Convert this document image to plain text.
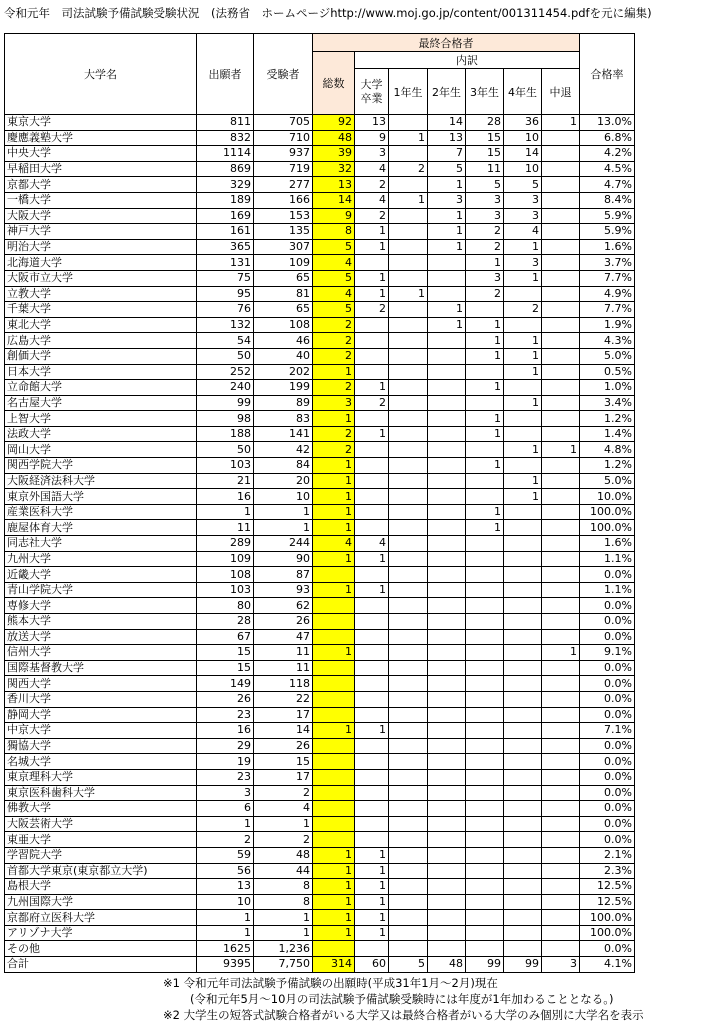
令和元年　司法試験予備試験受験状況　(法務省　ホームページhttp://www.moj.go.jp/content/001311454.pdfを元に編集)
大学名	出願者	受験者	最終合格者							合格率
			総数	内訳						
				大学卒業	1年生	2年生	3年生	4年生	中退	
東京大学	811	705	92	13		14	28	36	1	13.0%
慶應義塾大学	832	710	48	9	1	13	15	10		6.8%
中央大学	1114	937	39	3		7	15	14		4.2%
早稲田大学	869	719	32	4	2	5	11	10		4.5%
京都大学	329	277	13	2		1	5	5		4.7%
一橋大学	189	166	14	4	1	3	3	3		8.4%
大阪大学	169	153	9	2		1	3	3		5.9%
神戸大学	161	135	8	1		1	2	4		5.9%
明治大学	365	307	5	1		1	2	1		1.6%
北海道大学	131	109	4				1	3		3.7%
大阪市立大学	75	65	5	1			3	1		7.7%
立教大学	95	81	4	1	1		2			4.9%
千葉大学	76	65	5	2		1		2		7.7%
東北大学	132	108	2			1	1			1.9%
広島大学	54	46	2				1	1		4.3%
創価大学	50	40	2				1	1		5.0%
日本大学	252	202	1					1		0.5%
立命館大学	240	199	2	1			1			1.0%
名古屋大学	99	89	3	2				1		3.4%
上智大学	98	83	1				1			1.2%
法政大学	188	141	2	1			1			1.4%
岡山大学	50	42	2					1	1	4.8%
関西学院大学	103	84	1				1			1.2%
大阪経済法科大学	21	20	1					1		5.0%
東京外国語大学	16	10	1					1		10.0%
産業医科大学	1	1	1				1			100.0%
鹿屋体育大学	11	1	1				1			100.0%
同志社大学	289	244	4	4						1.6%
九州大学	109	90	1	1						1.1%
近畿大学	108	87								0.0%
青山学院大学	103	93	1	1						1.1%
専修大学	80	62								0.0%
熊本大学	28	26								0.0%
放送大学	67	47								0.0%
信州大学	15	11	1						1	9.1%
国際基督教大学	15	11								0.0%
関西大学	149	118								0.0%
香川大学	26	22								0.0%
静岡大学	23	17								0.0%
中京大学	16	14	1	1						7.1%
獨協大学	29	26								0.0%
名城大学	19	15								0.0%
東京理科大学	23	17								0.0%
東京医科歯科大学	3	2								0.0%
佛教大学	6	4								0.0%
大阪芸術大学	1	1								0.0%
東亜大学	2	2								0.0%
学習院大学	59	48	1	1						2.1%
首都大学東京(東京都立大学)	56	44	1	1						2.3%
島根大学	13	8	1	1						12.5%
九州国際大学	10	8	1	1						12.5%
京都府立医科大学	1	1	1	1						100.0%
アリゾナ大学	1	1	1	1						100.0%
その他	1625	1,236								0.0%
合計	9395	7,750	314	60	5	48	99	99	3	4.1%
※1 令和元年司法試験予備試験の出願時(平成31年1月～2月)現在
(令和元年5月～10月の司法試験予備試験受験時には年度が1年加わることとなる。)
※2 大学生の短答式試験合格者がいる大学又は最終合格者がいる大学のみ個別に大学名を表示
